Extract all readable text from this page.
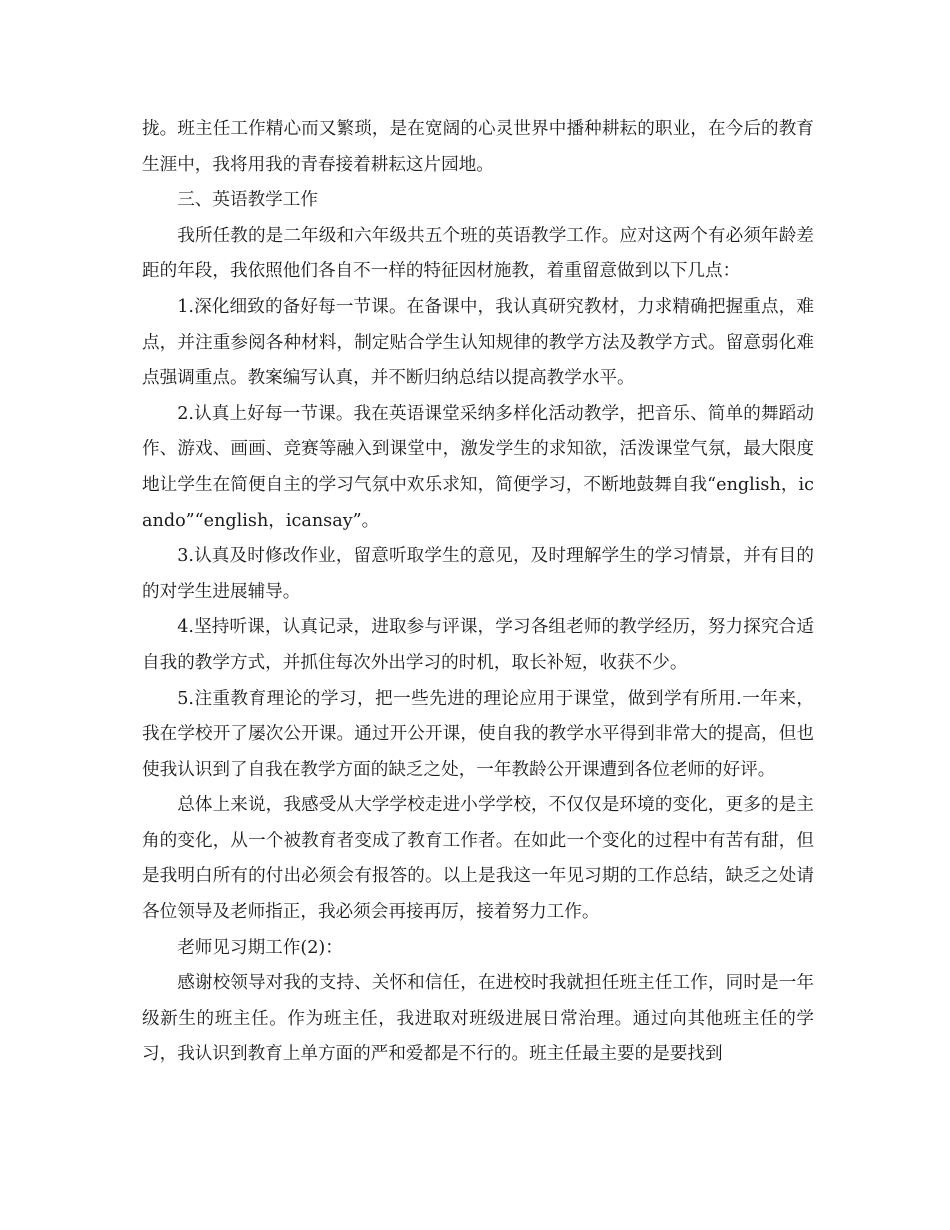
拢。班主任工作精心而又繁琐，是在宽阔的心灵世界中播种耕耘的职业，在今后的教育生涯中，我将用我的青春接着耕耘这片园地。

三、英语教学工作

我所任教的是二年级和六年级共五个班的英语教学工作。应对这两个有必须年龄差距的年段，我依照他们各自不一样的特征因材施教，着重留意做到以下几点：

1.深化细致的备好每一节课。在备课中，我认真研究教材，力求精确把握重点，难点，并注重参阅各种材料，制定贴合学生认知规律的教学方法及教学方式。留意弱化难点强调重点。教案编写认真，并不断归纳总结以提高教学水平。

2.认真上好每一节课。我在英语课堂采纳多样化活动教学，把音乐、简单的舞蹈动作、游戏、画画、竞赛等融入到课堂中，激发学生的求知欲，活泼课堂气氛，最大限度地让学生在简便自主的学习气氛中欢乐求知，简便学习，不断地鼓舞自我“english，icando”“english，icansay”。

3.认真及时修改作业，留意听取学生的意见，及时理解学生的学习情景，并有目的的对学生进展辅导。

4.坚持听课，认真记录，进取参与评课，学习各组老师的教学经历，努力探究合适自我的教学方式，并抓住每次外出学习的时机，取长补短，收获不少。

5.注重教育理论的学习，把一些先进的理论应用于课堂，做到学有所用.一年来，我在学校开了屡次公开课。通过开公开课，使自我的教学水平得到非常大的提高，但也使我认识到了自我在教学方面的缺乏之处，一年教龄公开课遭到各位老师的好评。

总体上来说，我感受从大学学校走进小学学校，不仅仅是环境的变化，更多的是主角的变化，从一个被教育者变成了教育工作者。在如此一个变化的过程中有苦有甜，但是我明白所有的付出必须会有报答的。以上是我这一年见习期的工作总结，缺乏之处请各位领导及老师指正，我必须会再接再厉，接着努力工作。

老师见习期工作(2)：

感谢校领导对我的支持、关怀和信任，在进校时我就担任班主任工作，同时是一年级新生的班主任。作为班主任，我进取对班级进展日常治理。通过向其他班主任的学习，我认识到教育上单方面的严和爱都是不行的。班主任最主要的是要找到
